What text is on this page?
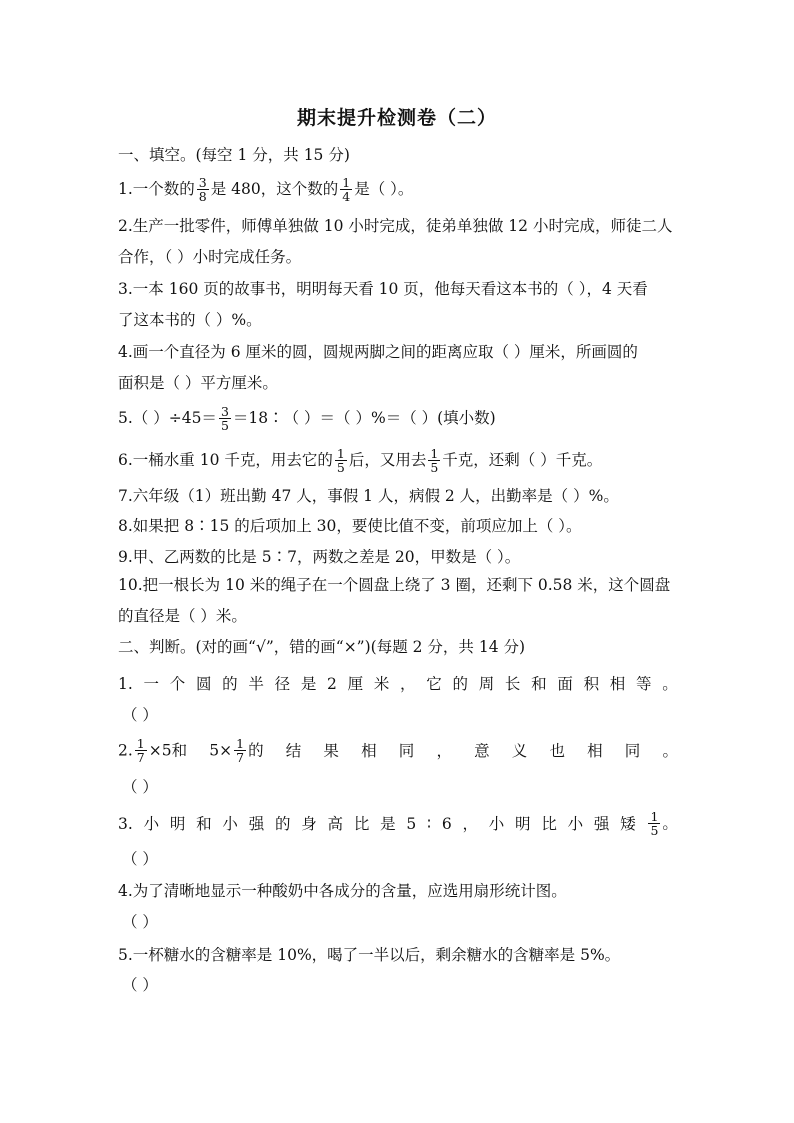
期末提升检测卷（二）
一、填空。(每空 1 分，共 15 分)
1.一个数的 $\frac{3}{8}$ 是 480，这个数的 $\frac{1}{4}$ 是（ ）。
2.生产一批零件，师傅单独做 10 小时完成，徒弟单独做 12 小时完成，师徒二人
合作，（ ）小时完成任务。
3.一本 160 页的故事书，明明每天看 10 页，他每天看这本书的（ ），4 天看
了这本书的（ ）%。
4.画一个直径为 6 厘米的圆，圆规两脚之间的距离应取（ ）厘米，所画圆的
面积是（ ）平方厘米。
5.（ ）$\div 45= \frac{3}{5}$ ＝18∶（ ）＝（ ）%＝（ ）(填小数)
6.一桶水重 10 千克，用去它的 $\frac{1}{5}$ 后，又用去 $\frac{1}{5}$ 千克，还剩（ ）千克。
7.六年级（1）班出勤 47 人，事假 1 人，病假 2 人，出勤率是（ ）%。
8.如果把 8∶15 的后项加上 30，要使比值不变，前项应加上（ ）。
9.甲、乙两数的比是 5∶7，两数之差是 20，甲数是（ ）。
10.把一根长为 10 米的绳子在一个圆盘上绕了 3 圈，还剩下 0.58 米，这个圆盘
的直径是（ ）米。
二、判断。(对的画“√”，错的画“×”)(每题 2 分，共 14 分)
1. 一 个 圆 的 半 径 是 2 厘 米 ， 它 的 周 长 和 面 积 相 等 。
（ ）
2. $\frac{1}{7} \times 5$和 $5\times \frac{1}{7}$ 的 结 果 相 同 ， 意 义 也 相 同 。
（ ）
3. 小 明 和 小 强 的 身 高 比 是 5 ∶ 6 ， 小 明 比 小 强 矮 $\frac{1}{5}$ 。
（ ）
4.为了清晰地显示一种酸奶中各成分的含量，应选用扇形统计图。
（ ）
5.一杯糖水的含糖率是 10%，喝了一半以后，剩余糖水的含糖率是 5%。
（ ）
